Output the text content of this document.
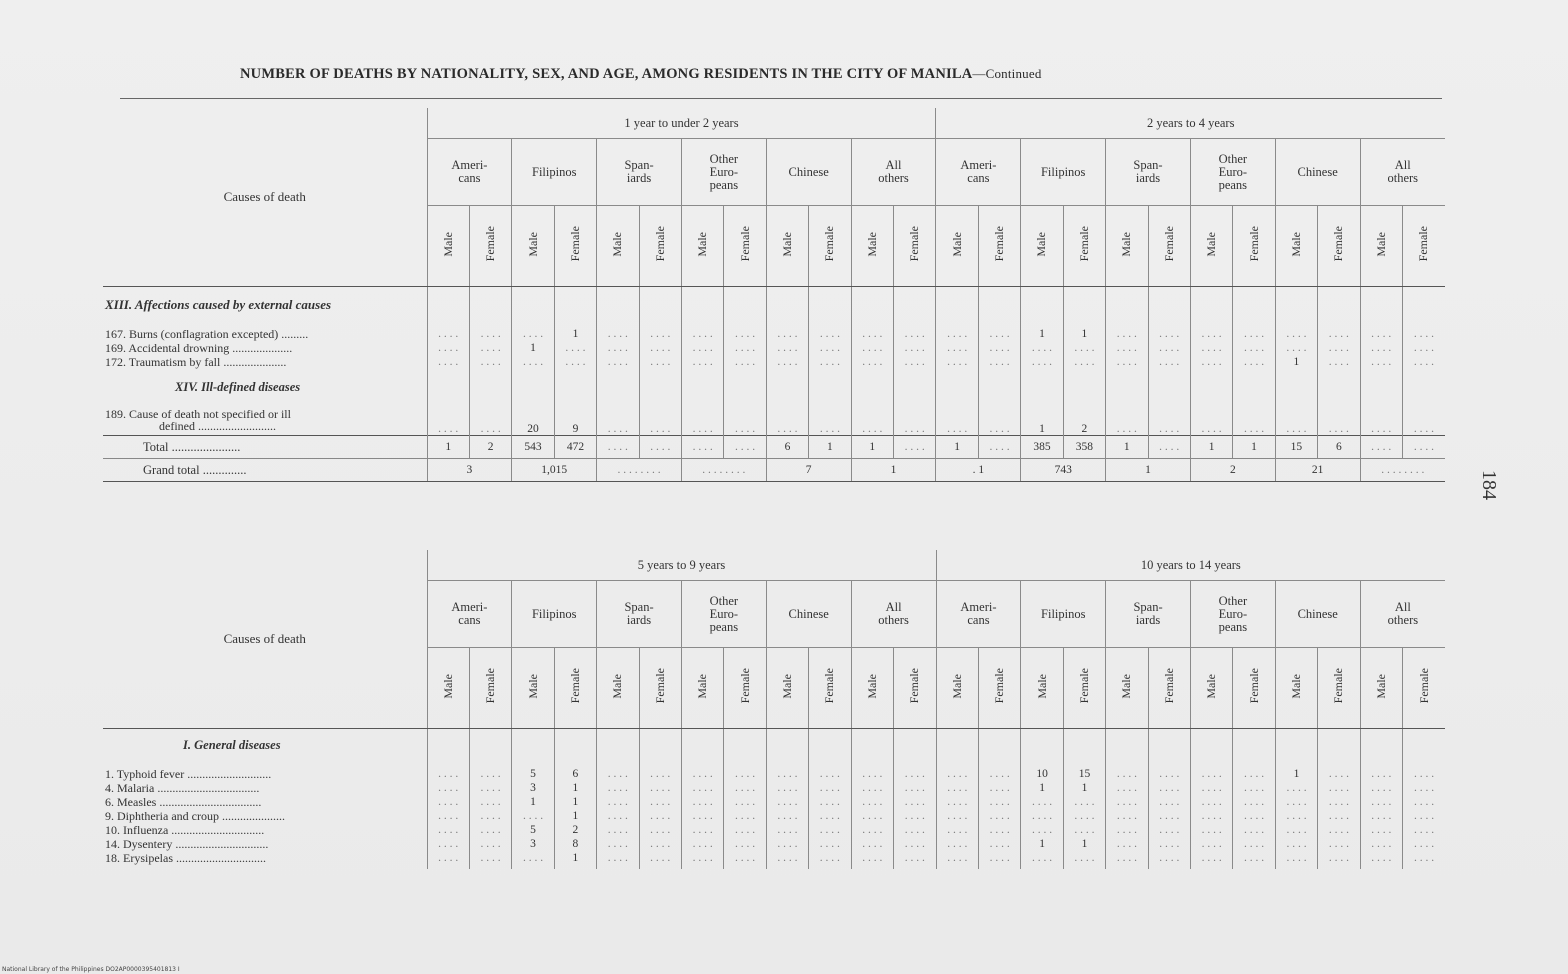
NUMBER OF DEATHS BY NATIONALITY, SEX, AND AGE, AMONG RESIDENTS IN THE CITY OF MANILA—Continued
Causes of death	1 year to under 2 years												2 years to 4 years											
	Ameri-
cans		Filipinos		Span-
iards		Other
Euro-
peans		Chinese		All
others		Ameri-
cans		Filipinos		Span-
iards		Other
Euro-
peans		Chinese		All
others	
	Male	Female	Male	Female	Male	Female	Male	Female	Male	Female	Male	Female	Male	Female	Male	Female	Male	Female	Male	Female	Male	Female	Male	Female
XIII. Affections caused by external causes																								

167. Burns (conflagration excepted) .........	. . . .	. . . .	. . . .	1	. . . .	. . . .	. . . .	. . . .	. . . .	. . . .	. . . .	. . . .	. . . .	. . . .	1	1	. . . .	. . . .	. . . .	. . . .	. . . .	. . . .	. . . .	. . . .
169. Accidental drowning ....................	. . . .	. . . .	1	. . . .	. . . .	. . . .	. . . .	. . . .	. . . .	. . . .	. . . .	. . . .	. . . .	. . . .	. . . .	. . . .	. . . .	. . . .	. . . .	. . . .	. . . .	. . . .	. . . .	. . . .
172. Traumatism by fall .....................	. . . .	. . . .	. . . .	. . . .	. . . .	. . . .	. . . .	. . . .	. . . .	. . . .	. . . .	. . . .	. . . .	. . . .	. . . .	. . . .	. . . .	. . . .	. . . .	. . . .	1	. . . .	. . . .	. . . .

XIV. Ill-defined diseases																								

189. Cause of death not specified or ill
defined ..........................	. . . .	. . . .	20	9	. . . .	. . . .	. . . .	. . . .	. . . .	. . . .	. . . .	. . . .	. . . .	. . . .	1	2	. . . .	. . . .	. . . .	. . . .	. . . .	. . . .	. . . .	. . . .
Total ......................	1	2	543	472	. . . .	. . . .	. . . .	. . . .	6	1	1	. . . .	1	. . . .	385	358	1	. . . .	1	1	15	6	. . . .	. . . .
Grand total ..............	3		1,015		. . . . . . . .		. . . . . . . .		7		1		. 1		743		1		2		21		. . . . . . . .	
Causes of death	5 years to 9 years												10 years to 14 years											
	Ameri-
cans		Filipinos		Span-
iards		Other
Euro-
peans		Chinese		All
others		Ameri-
cans		Filipinos		Span-
iards		Other
Euro-
peans		Chinese		All
others	
	Male	Female	Male	Female	Male	Female	Male	Female	Male	Female	Male	Female	Male	Female	Male	Female	Male	Female	Male	Female	Male	Female	Male	Female

I. General diseases																								

1. Typhoid fever ............................	. . . .	. . . .	5	6	. . . .	. . . .	. . . .	. . . .	. . . .	. . . .	. . . .	. . . .	. . . .	. . . .	10	15	. . . .	. . . .	. . . .	. . . .	1	. . . .	. . . .	. . . .
4. Malaria ..................................	. . . .	. . . .	3	1	. . . .	. . . .	. . . .	. . . .	. . . .	. . . .	. . . .	. . . .	. . . .	. . . .	1	1	. . . .	. . . .	. . . .	. . . .	. . . .	. . . .	. . . .	. . . .
6. Measles ..................................	. . . .	. . . .	1	1	. . . .	. . . .	. . . .	. . . .	. . . .	. . . .	. . . .	. . . .	. . . .	. . . .	. . . .	. . . .	. . . .	. . . .	. . . .	. . . .	. . . .	. . . .	. . . .	. . . .
9. Diphtheria and croup .....................	. . . .	. . . .	. . . .	1	. . . .	. . . .	. . . .	. . . .	. . . .	. . . .	. . . .	. . . .	. . . .	. . . .	. . . .	. . . .	. . . .	. . . .	. . . .	. . . .	. . . .	. . . .	. . . .	. . . .
10. Influenza ...............................	. . . .	. . . .	5	2	. . . .	. . . .	. . . .	. . . .	. . . .	. . . .	. . . .	. . . .	. . . .	. . . .	. . . .	. . . .	. . . .	. . . .	. . . .	. . . .	. . . .	. . . .	. . . .	. . . .
14. Dysentery ...............................	. . . .	. . . .	3	8	. . . .	. . . .	. . . .	. . . .	. . . .	. . . .	. . . .	. . . .	. . . .	. . . .	1	1	. . . .	. . . .	. . . .	. . . .	. . . .	. . . .	. . . .	. . . .
18. Erysipelas ..............................	. . . .	. . . .	. . . .	1	. . . .	. . . .	. . . .	. . . .	. . . .	. . . .	. . . .	. . . .	. . . .	. . . .	. . . .	. . . .	. . . .	. . . .	. . . .	. . . .	. . . .	. . . .	. . . .	. . . .

184
National Library of the Philippines DO2AP0000395401813 I
